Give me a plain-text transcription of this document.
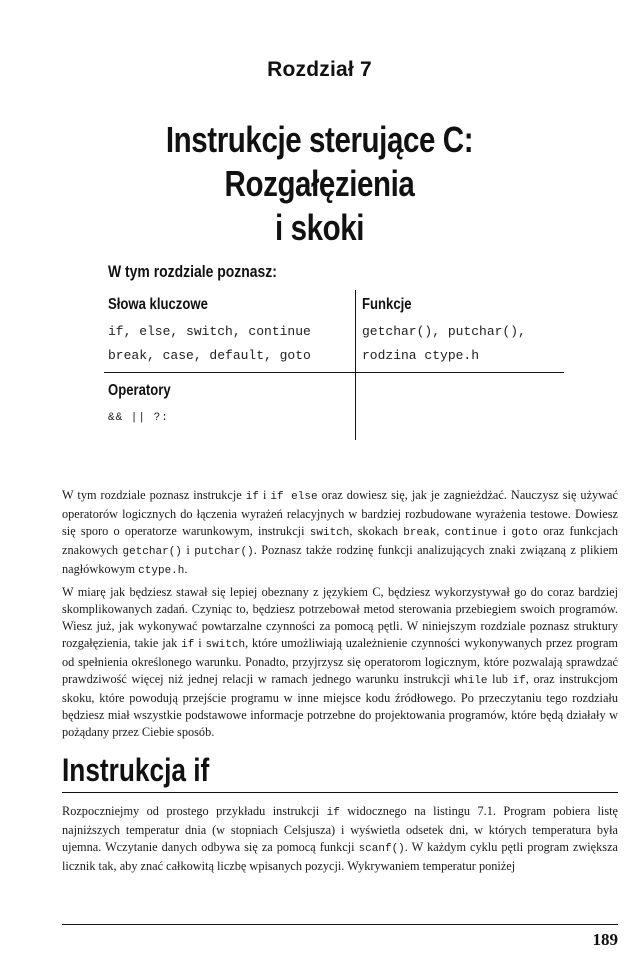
Rozdział 7
Instrukcje sterujące C: Rozgałęzienia
i skoki
W tym rozdziale poznasz:
Słowa kluczowe
if, else, switch, continue
break, case, default, goto
Funkcje
getchar(), putchar(),
rodzina ctype.h
Operatory
&& || ?:
W tym rozdziale poznasz instrukcje if i if else oraz dowiesz się, jak je zagnieżdżać. Nauczysz się używać operatorów logicznych do łączenia wyrażeń relacyjnych w bardziej rozbudowane wyrażenia testowe. Dowiesz się sporo o operatorze warunkowym, instrukcji switch, skokach break, continue i goto oraz funkcjach znakowych getchar() i putchar(). Poznasz także rodzinę funkcji analizujących znaki związaną z plikiem nagłówkowym ctype.h.
W miarę jak będziesz stawał się lepiej obeznany z językiem C, będziesz wykorzystywał go do coraz bardziej skomplikowanych zadań. Czyniąc to, będziesz potrzebował metod sterowania przebiegiem swoich programów. Wiesz już, jak wykonywać powtarzalne czynności za pomocą pętli. W niniejszym rozdziale poznasz struktury rozgałęzienia, takie jak if i switch, które umożliwiają uzależnienie czynności wykonywanych przez program od spełnienia określonego warunku. Ponadto, przyjrzysz się operatorom logicznym, które pozwalają sprawdzać prawdziwość więcej niż jednej relacji w ramach jednego warunku instrukcji while lub if, oraz instrukcjom skoku, które powodują przejście programu w inne miejsce kodu źródłowego. Po przeczytaniu tego rozdziału będziesz miał wszystkie podstawowe informacje potrzebne do projektowania programów, które będą działały w pożądany przez Ciebie sposób.
Instrukcja if
Rozpoczniejmy od prostego przykładu instrukcji if widocznego na listingu 7.1. Program pobiera listę najniższych temperatur dnia (w stopniach Celsjusza) i wyświetla odsetek dni, w których temperatura była ujemna. Wczytanie danych odbywa się za pomocą funkcji scanf(). W każdym cyklu pętli program zwiększa licznik tak, aby znać całkowitą liczbę wpisanych pozycji. Wykrywaniem temperatur poniżej
189
